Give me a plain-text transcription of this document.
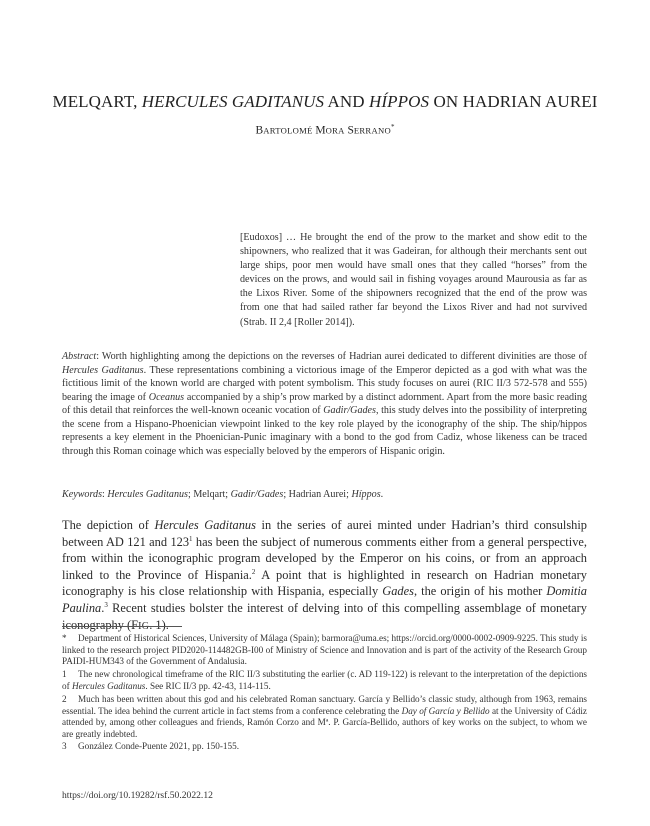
MELQART, HERCULES GADITANUS AND HÍPPOS ON HADRIAN AUREI
BARTOLOMÉ MORA SERRANO*
[Eudoxos] … He brought the end of the prow to the market and show edit to the shipowners, who realized that it was Gadeiran, for although their merchants sent out large ships, poor men would have small ones that they called “horses” from the devices on the prows, and would sail in fishing voyages around Maurousia as far as the Lixos River. Some of the shipowners recognized that the end of the prow was from one that had sailed rather far beyond the Lixos River and had not survived (Strab. II 2,4 [Roller 2014]).
Abstract: Worth highlighting among the depictions on the reverses of Hadrian aurei dedicated to different divinities are those of Hercules Gaditanus. These representations combining a victorious image of the Emperor depicted as a god with what was the fictitious limit of the known world are charged with potent symbolism. This study focuses on aurei (RIC II/3 572-578 and 555) bearing the image of Oceanus accompanied by a ship’s prow marked by a distinct adornment. Apart from the more basic reading of this detail that reinforces the well-known oceanic vocation of Gadir/Gades, this study delves into the possibility of interpreting the scene from a Hispano-Phoenician viewpoint linked to the key role played by the iconography of the ship. The ship/hippos represents a key element in the Phoenician-Punic imaginary with a bond to the god from Cadiz, whose likeness can be traced through this Roman coinage which was especially beloved by the emperors of Hispanic origin.
Keywords: Hercules Gaditanus; Melqart; Gadir/Gades; Hadrian Aurei; Híppos.

The depiction of Hercules Gaditanus in the series of aurei minted under Hadrian’s third consulship between AD 121 and $123^1$ has been the subject of numerous comments either from a general perspective, from within the iconographic program developed by the Emperor on his coins, or from an approach linked to the Province of Hispania.$^2$ A point that is highlighted in research on Hadrian monetary iconography is his close relationship with Hispania, especially Gades, the origin of his mother Domitia Paulina.$^3$ Recent studies bolster the interest of delving into of this compelling assemblage of monetary iconography (FIG. 1).

* Department of Historical Sciences, University of Málaga (Spain); barmora@uma.es; https://orcid.org/0000-0002-0909-9225. This study is linked to the research project PID2020-114482GB-I00 of Ministry of Science and Innovation and is part of the activity of the Research Group PAIDI-HUM343 of the Government of Andalusia.
1 The new chronological timeframe of the RIC II/3 substituting the earlier (c. AD 119-122) is relevant to the interpretation of the depictions of Hercules Gaditanus. See RIC II/3 pp. 42-43, 114-115.
2 Much has been written about this god and his celebrated Roman sanctuary. García y Bellido’s classic study, although from 1963, remains essential. The idea behind the current article in fact stems from a conference celebrating the Day of García y Bellido at the University of Cádiz attended by, among other colleagues and friends, Ramón Corzo and Mª. P. García-Bellido, authors of key works on the subject, to whom we are greatly indebted.
3 González Conde-Puente 2021, pp. 150-155.
https://doi.org/10.19282/rsf.50.2022.12
